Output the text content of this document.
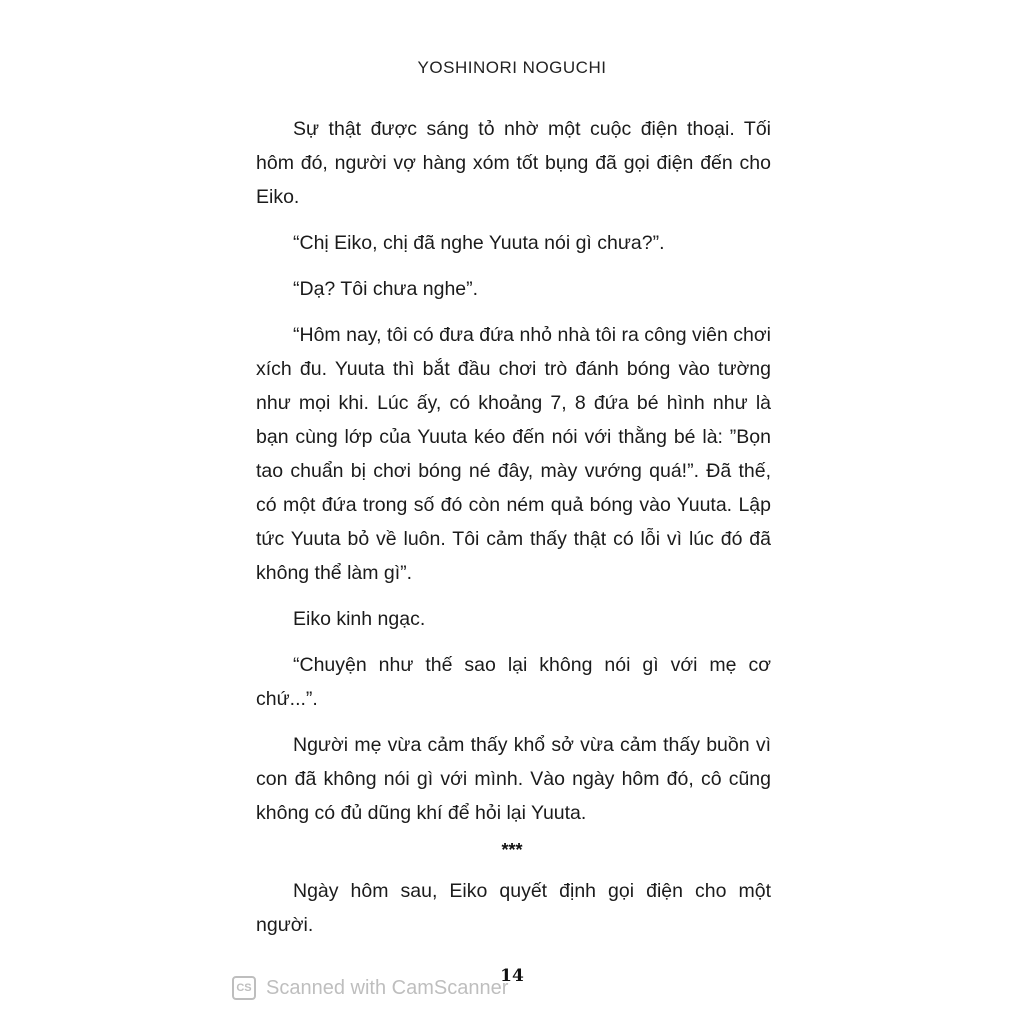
YOSHINORI NOGUCHI

Sự thật được sáng tỏ nhờ một cuộc điện thoại. Tối hôm đó, người vợ hàng xóm tốt bụng đã gọi điện đến cho Eiko.

“Chị Eiko, chị đã nghe Yuuta nói gì chưa?”.

“Dạ? Tôi chưa nghe”.

“Hôm nay, tôi có đưa đứa nhỏ nhà tôi ra công viên chơi xích đu. Yuuta thì bắt đầu chơi trò đánh bóng vào tường như mọi khi. Lúc ấy, có khoảng 7, 8 đứa bé hình như là bạn cùng lớp của Yuuta kéo đến nói với thằng bé là: ”Bọn tao chuẩn bị chơi bóng né đây, mày vướng quá!”. Đã thế, có một đứa trong số đó còn ném quả bóng vào Yuuta. Lập tức Yuuta bỏ về luôn. Tôi cảm thấy thật có lỗi vì lúc đó đã không thể làm gì”.

Eiko kinh ngạc.

“Chuyện như thế sao lại không nói gì với mẹ cơ chứ...”.

Người mẹ vừa cảm thấy khổ sở vừa cảm thấy buồn vì con đã không nói gì với mình. Vào ngày hôm đó, cô cũng không có đủ dũng khí để hỏi lại Yuuta.

***

Ngày hôm sau, Eiko quyết định gọi điện cho một người.

14
CS Scanned with CamScanner
